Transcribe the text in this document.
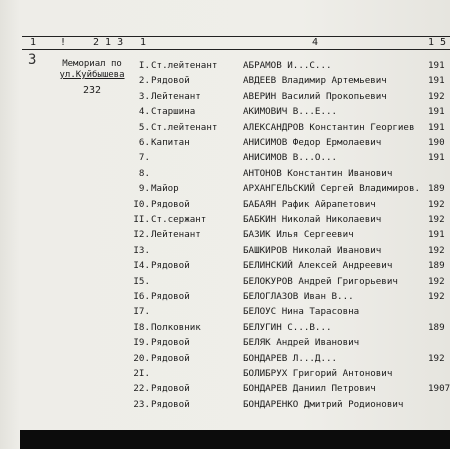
1 !	2 1 3 1	4	1 5
3	Мемориал по
ул.Куйбышева
232
I. Ст.лейтенант	АБРАМОВ И...С...	191
2. Рядовой	АВДЕЕВ Владимир Артемьевич	191
3. Лейтенант	АВЕРИН Василий Прокопьевич	192
4. Старшина	АКИМОВИЧ В...Е...	191
5. Ст.лейтенант	АЛЕКСАНДРОВ Константин Георгиев 191
6. Капитан	АНИСИМОВ Федор Ермолаевич	190
7.	АНИСИМОВ В...О...	191
8.	АНТОНОВ Константин Иванович
9. Майор	АРХАНГЕЛЬСКИЙ Сергей Владимиров. 189
I0. Рядовой	БАБАЯН Рафик Айрапетович	192
II. Ст.сержант	БАБКИН Николай Николаевич	192
I2. Лейтенант	БАЗИК Илья Сергеевич	191
I3.	БАШКИРОВ Николай Иванович	192
I4. Рядовой	БЕЛИНСКИЙ Алексей Андреевич	189
I5.	БЕЛОКУРОВ Андрей Григорьевич	192
I6. Рядовой	БЕЛОГЛАЗОВ Иван В...	192
I7.	БЕЛОУС Нина Тарасовна
I8. Полковник	БЕЛУГИН С...В...	189
I9. Рядовой	БЕЛЯК Андрей Иванович
20. Рядовой	БОНДАРЕВ Л...Д...	192
2I.	БОЛИБРУХ Григорий Антонович
22. Рядовой	БОНДАРЕВ Даниил Петрович	1907
23. Рядовой	БОНДАРЕНКО Дмитрий Родионович
